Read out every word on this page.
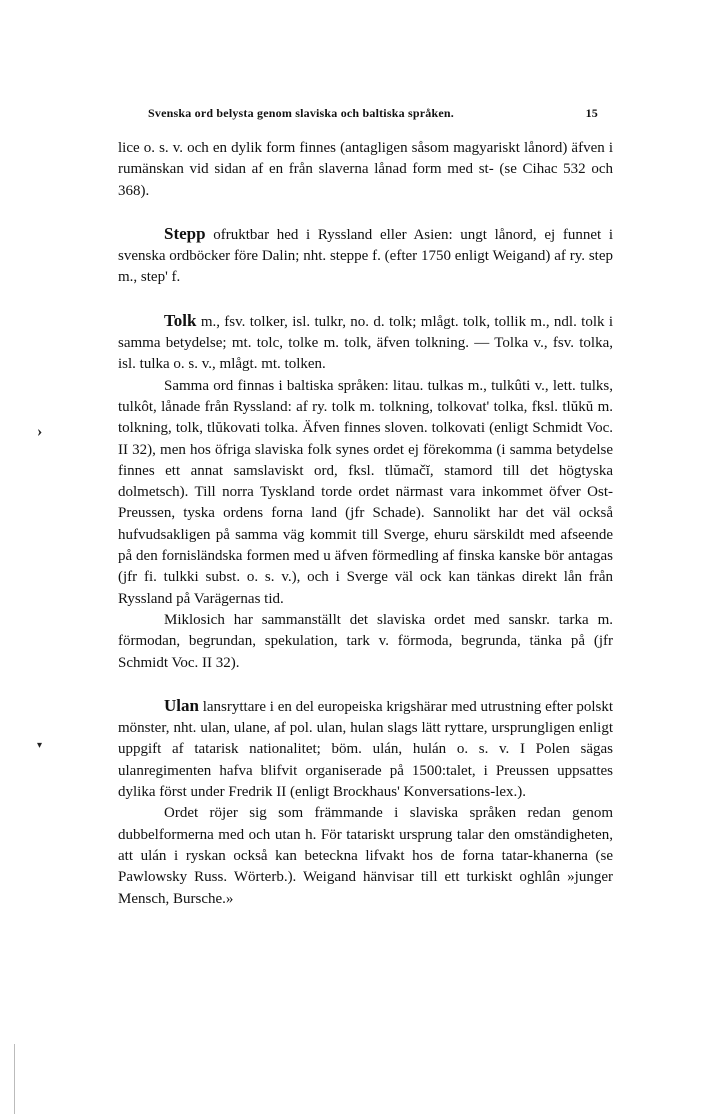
Svenska ord belysta genom slaviska och baltiska språken.	15

lice o. s. v. och en dylik form finnes (antagligen såsom magyariskt lånord) äfven i rumänskan vid sidan af en från slaverna lånad form med st- (se Cihac 532 och 368).

Stepp ofruktbar hed i Ryssland eller Asien: ungt lånord, ej funnet i svenska ordböcker före Dalin; nht. steppe f. (efter 1750 enligt Weigand) af ry. step m., step' f.

Tolk m., fsv. tolker, isl. tulkr, no. d. tolk; mlågt. tolk, tollik m., ndl. tolk i samma betydelse; mt. tolc, tolke m. tolk, äfven tolkning. — Tolka v., fsv. tolka, isl. tulka o. s. v., mlågt. mt. tolken.

Samma ord finnas i baltiska språken: litau. tulkas m., tulkûti v., lett. tulks, tulkôt, lånade från Ryssland: af ry. tolk m. tolkning, tolkovat' tolka, fksl. tlŭkŭ m. tolkning, tolk, tlŭkovati tolka. Äfven finnes sloven. tolkovati (enligt Schmidt Voc. II 32), men hos öfriga slaviska folk synes ordet ej förekomma (i samma betydelse finnes ett annat samslaviskt ord, fksl. tlŭmačĭ, stamord till det högtyska dolmetsch). Till norra Tyskland torde ordet närmast vara inkommet öfver Ost-Preussen, tyska ordens forna land (jfr Schade). Sannolikt har det väl också hufvudsakligen på samma väg kommit till Sverge, ehuru särskildt med afseende på den fornisländska formen med u äfven förmedling af finska kanske bör antagas (jfr fi. tulkki subst. o. s. v.), och i Sverge väl ock kan tänkas direkt lån från Ryssland på Varägernas tid.

Miklosich har sammanställt det slaviska ordet med sanskr. tarka m. förmodan, begrundan, spekulation, tark v. förmoda, begrunda, tänka på (jfr Schmidt Voc. II 32).

Ulan lansryttare i en del europeiska krigshärar med utrustning efter polskt mönster, nht. ulan, ulane, af pol. ulan, hulan slags lätt ryttare, ursprungligen enligt uppgift af tatarisk nationalitet; böm. ulán, hulán o. s. v. I Polen sägas ulanregimenten hafva blifvit organiserade på 1500:talet, i Preussen uppsattes dylika först under Fredrik II (enligt Brockhaus' Konversations-lex.).

Ordet röjer sig som främmande i slaviska språken redan genom dubbelformerna med och utan h. För tatariskt ursprung talar den omständigheten, att ulán i ryskan också kan beteckna lifvakt hos de forna tatar-khanerna (se Pawlowsky Russ. Wörterb.). Weigand hänvisar till ett turkiskt oghlân »junger Mensch, Bursche.»

›
▾
